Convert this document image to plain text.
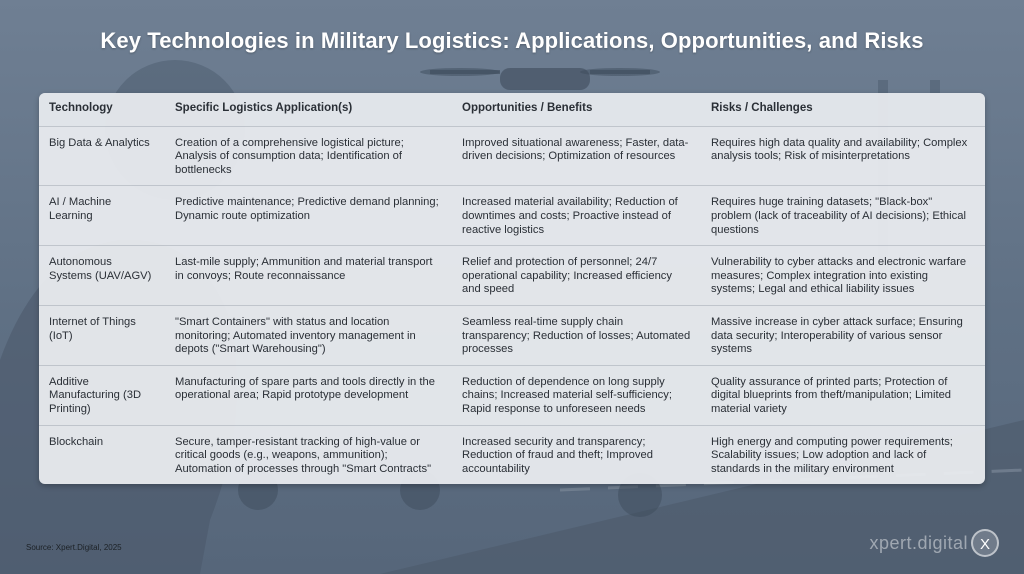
Key Technologies in Military Logistics: Applications, Opportunities, and Risks
Technology	Specific Logistics Application(s)	Opportunities / Benefits	Risks / Challenges
Big Data & Analytics	Creation of a comprehensive logistical picture; Analysis of consumption data; Identification of bottlenecks	Improved situational awareness; Faster, data-driven decisions; Optimization of resources	Requires high data quality and availability; Complex analysis tools; Risk of misinterpretations
AI / Machine Learning	Predictive maintenance; Predictive demand planning; Dynamic route optimization	Increased material availability; Reduction of downtimes and costs; Proactive instead of reactive logistics	Requires huge training datasets; "Black-box" problem (lack of traceability of AI decisions); Ethical questions
Autonomous Systems (UAV/AGV)	Last-mile supply; Ammunition and material transport in convoys; Route reconnaissance	Relief and protection of personnel; 24/7 operational capability; Increased efficiency and speed	Vulnerability to cyber attacks and electronic warfare measures; Complex integration into existing systems; Legal and ethical liability issues
Internet of Things (IoT)	"Smart Containers" with status and location monitoring; Automated inventory management in depots ("Smart Warehousing")	Seamless real-time supply chain transparency; Reduction of losses; Automated processes	Massive increase in cyber attack surface; Ensuring data security; Interoperability of various sensor systems
Additive Manufacturing (3D Printing)	Manufacturing of spare parts and tools directly in the operational area; Rapid prototype development	Reduction of dependence on long supply chains; Increased material self-sufficiency; Rapid response to unforeseen needs	Quality assurance of printed parts; Protection of digital blueprints from theft/manipulation; Limited material variety
Blockchain	Secure, tamper-resistant tracking of high-value or critical goods (e.g., weapons, ammunition); Automation of processes through "Smart Contracts"	Increased security and transparency; Reduction of fraud and theft; Improved accountability	High energy and computing power requirements; Scalability issues; Low adoption and lack of standards in the military environment
Source: Xpert.Digital, 2025	xpert.digital X
